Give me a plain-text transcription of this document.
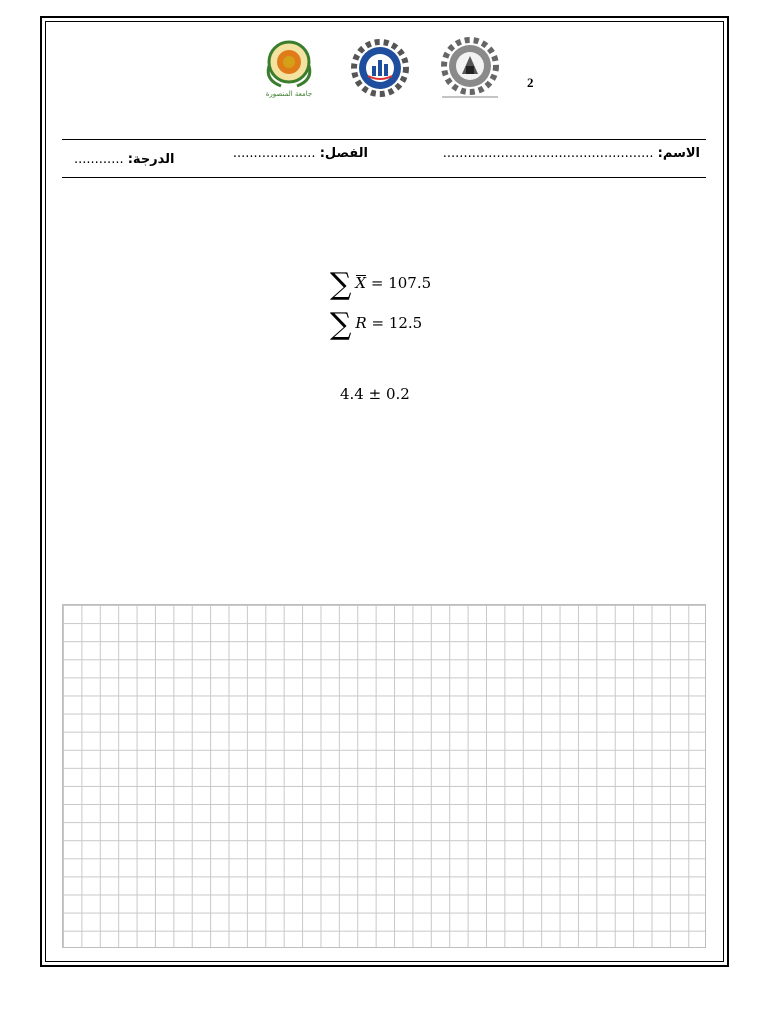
جامعة المنصورة
2
الاسم: ...................................................
الفصل: ....................
الدرجة: ............
∑ X = 107.5
∑ R = 12.5
4.4 ± 0.2
